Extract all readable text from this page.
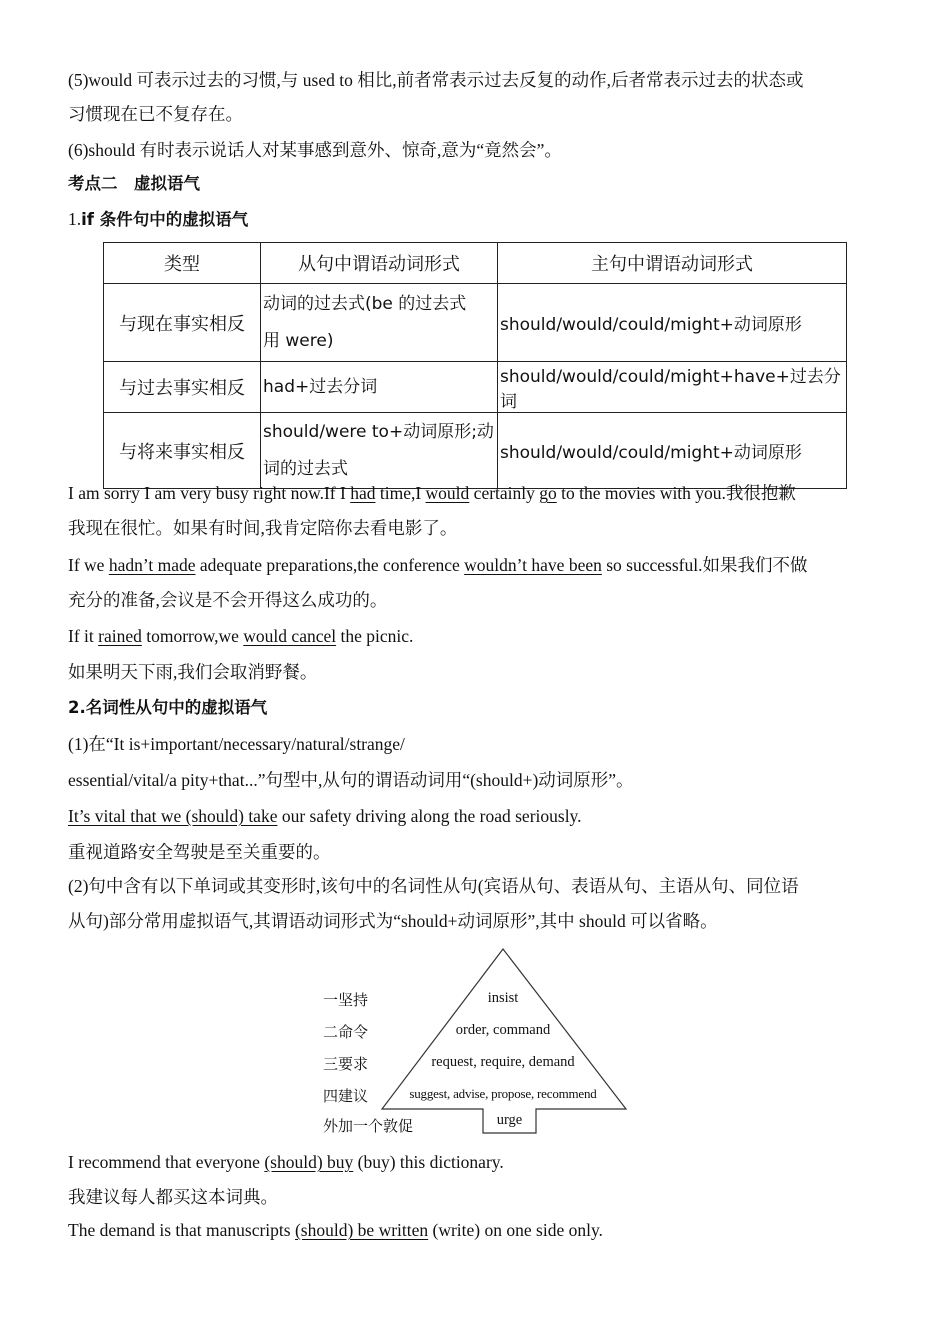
(5)would 可表示过去的习惯,与 used to 相比,前者常表示过去反复的动作,后者常表示过去的状态或
习惯现在已不复存在。
(6)should 有时表示说话人对某事感到意外、惊奇,意为“竟然会”。
考点二　虚拟语气
1.if 条件句中的虚拟语气
类型	从句中谓语动词形式	主句中谓语动词形式
与现在事实相反	动词的过去式(be 的过去式
用 were)	should/would/could/might+动词原形
与过去事实相反	had+过去分词	should/would/could/might+have+过去分词
与将来事实相反	should/were to+动词原形;动
词的过去式	should/would/could/might+动词原形
I am sorry I am very busy right now.If I had time,I would certainly go to the movies with you.我很抱歉
我现在很忙。如果有时间,我肯定陪你去看电影了。
If we hadn’t made adequate preparations,the conference wouldn’t have been so successful.如果我们不做
充分的准备,会议是不会开得这么成功的。
If it rained tomorrow,we would cancel the picnic.
如果明天下雨,我们会取消野餐。
2.名词性从句中的虚拟语气
(1)在“It is+important/necessary/natural/strange/
essential/vital/a pity+that...”句型中,从句的谓语动词用“(should+)动词原形”。
It’s vital that we (should) take our safety driving along the road seriously.
重视道路安全驾驶是至关重要的。
(2)句中含有以下单词或其变形时,该句中的名词性从句(宾语从句、表语从句、主语从句、同位语
从句)部分常用虚拟语气,其谓语动词形式为“should+动词原形”,其中 should 可以省略。
一坚持
二命令
三要求
四建议
外加一个敦促
insist
order, command
request, require, demand
suggest, advise, propose, recommend
urge
I recommend that everyone (should) buy (buy) this dictionary.
我建议每人都买这本词典。
The demand is that manuscripts (should) be written (write) on one side only.
